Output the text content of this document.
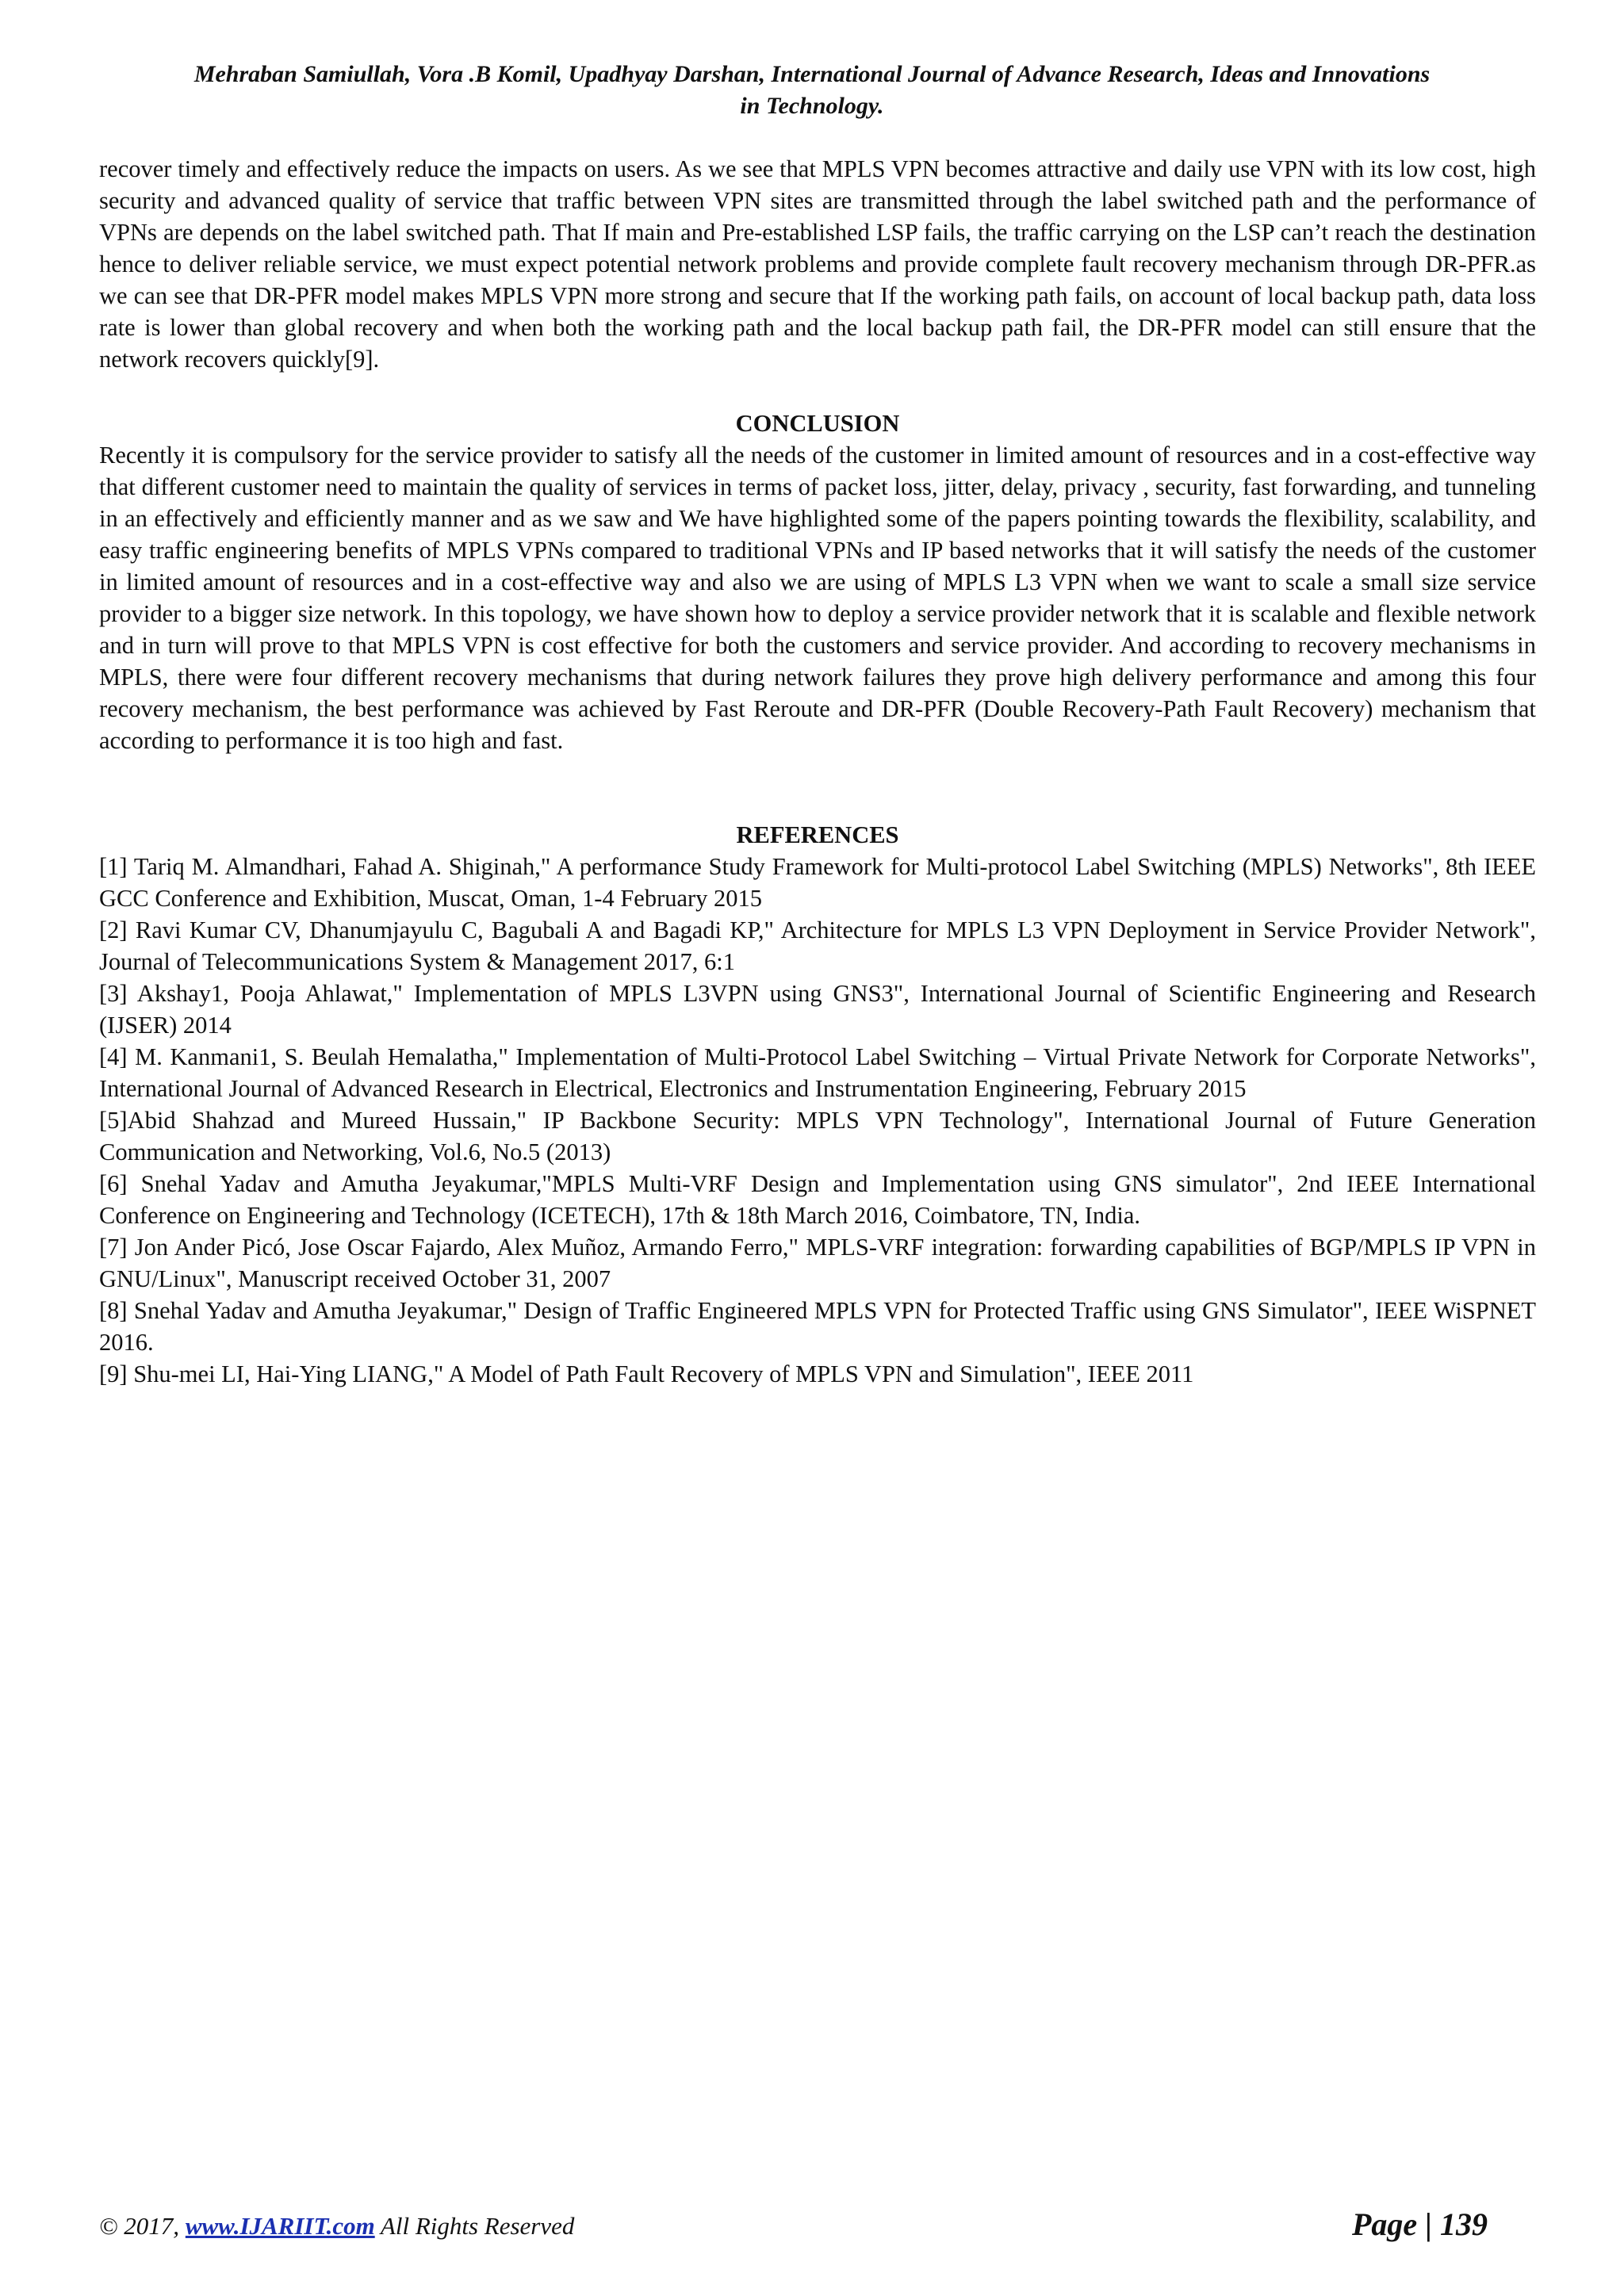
Mehraban Samiullah, Vora .B Komil, Upadhyay Darshan, International Journal of Advance Research, Ideas and Innovations
in Technology.
recover timely and effectively reduce the impacts on users. As we see that MPLS VPN becomes attractive and daily use VPN with its low cost, high security and advanced quality of service that traffic between VPN sites are transmitted through the label switched path and the performance of VPNs are depends on the label switched path. That If main and Pre-established LSP fails, the traffic carrying on the LSP can’t reach the destination hence to deliver reliable service, we must expect potential network problems and provide complete fault recovery mechanism through DR-PFR.as we can see that DR-PFR model makes MPLS VPN more strong and secure that If the working path fails, on account of local backup path, data loss rate is lower than global recovery and when both the working path and the local backup path fail, the DR-PFR model can still ensure that the network recovers quickly[9].
CONCLUSION
Recently it is compulsory for the service provider to satisfy all the needs of the customer in limited amount of resources and in a cost-effective way that different customer need to maintain the quality of services in terms of packet loss, jitter, delay, privacy , security, fast forwarding, and tunneling in an effectively and efficiently manner and as we saw and We have highlighted some of the papers pointing towards the flexibility, scalability, and easy traffic engineering benefits of MPLS VPNs compared to traditional VPNs and IP based networks that it will satisfy the needs of the customer in limited amount of resources and in a cost-effective way and also we are using of MPLS L3 VPN when we want to scale a small size service provider to a bigger size network. In this topology, we have shown how to deploy a service provider network that it is scalable and flexible network and in turn will prove to that MPLS VPN is cost effective for both the customers and service provider. And according to recovery mechanisms in MPLS, there were four different recovery mechanisms that during network failures they prove high delivery performance and among this four recovery mechanism, the best performance was achieved by Fast Reroute and DR-PFR (Double Recovery-Path Fault Recovery) mechanism that according to performance it is too high and fast.
REFERENCES

[1] Tariq M. Almandhari, Fahad A. Shiginah," A performance Study Framework for Multi-protocol Label Switching (MPLS) Networks", 8th IEEE GCC Conference and Exhibition, Muscat, Oman, 1-4 February 2015

[2] Ravi Kumar CV, Dhanumjayulu C, Bagubali A and Bagadi KP," Architecture for MPLS L3 VPN Deployment in Service Provider Network", Journal of Telecommunications System & Management 2017, 6:1

[3] Akshay1, Pooja Ahlawat," Implementation of MPLS L3VPN using GNS3", International Journal of Scientific Engineering and Research (IJSER) 2014

[4] M. Kanmani1, S. Beulah Hemalatha," Implementation of Multi-Protocol Label Switching – Virtual Private Network for Corporate Networks", International Journal of Advanced Research in Electrical, Electronics and Instrumentation Engineering, February 2015

[5]Abid Shahzad and Mureed Hussain," IP Backbone Security: MPLS VPN Technology", International Journal of Future Generation Communication and Networking, Vol.6, No.5 (2013)

[6] Snehal Yadav and Amutha Jeyakumar,"MPLS Multi-VRF Design and Implementation using GNS simulator", 2nd IEEE International Conference on Engineering and Technology (ICETECH), 17th & 18th March 2016, Coimbatore, TN, India.

[7] Jon Ander Picó, Jose Oscar Fajardo, Alex Muñoz, Armando Ferro," MPLS-VRF integration: forwarding capabilities of BGP/MPLS IP VPN in GNU/Linux", Manuscript received October 31, 2007

[8] Snehal Yadav and Amutha Jeyakumar," Design of Traffic Engineered MPLS VPN for Protected Traffic using GNS Simulator", IEEE WiSPNET 2016.

[9] Shu-mei LI, Hai-Ying LIANG," A Model of Path Fault Recovery of MPLS VPN and Simulation", IEEE 2011

© 2017, www.IJARIIT.com All Rights Reserved	Page | 139
